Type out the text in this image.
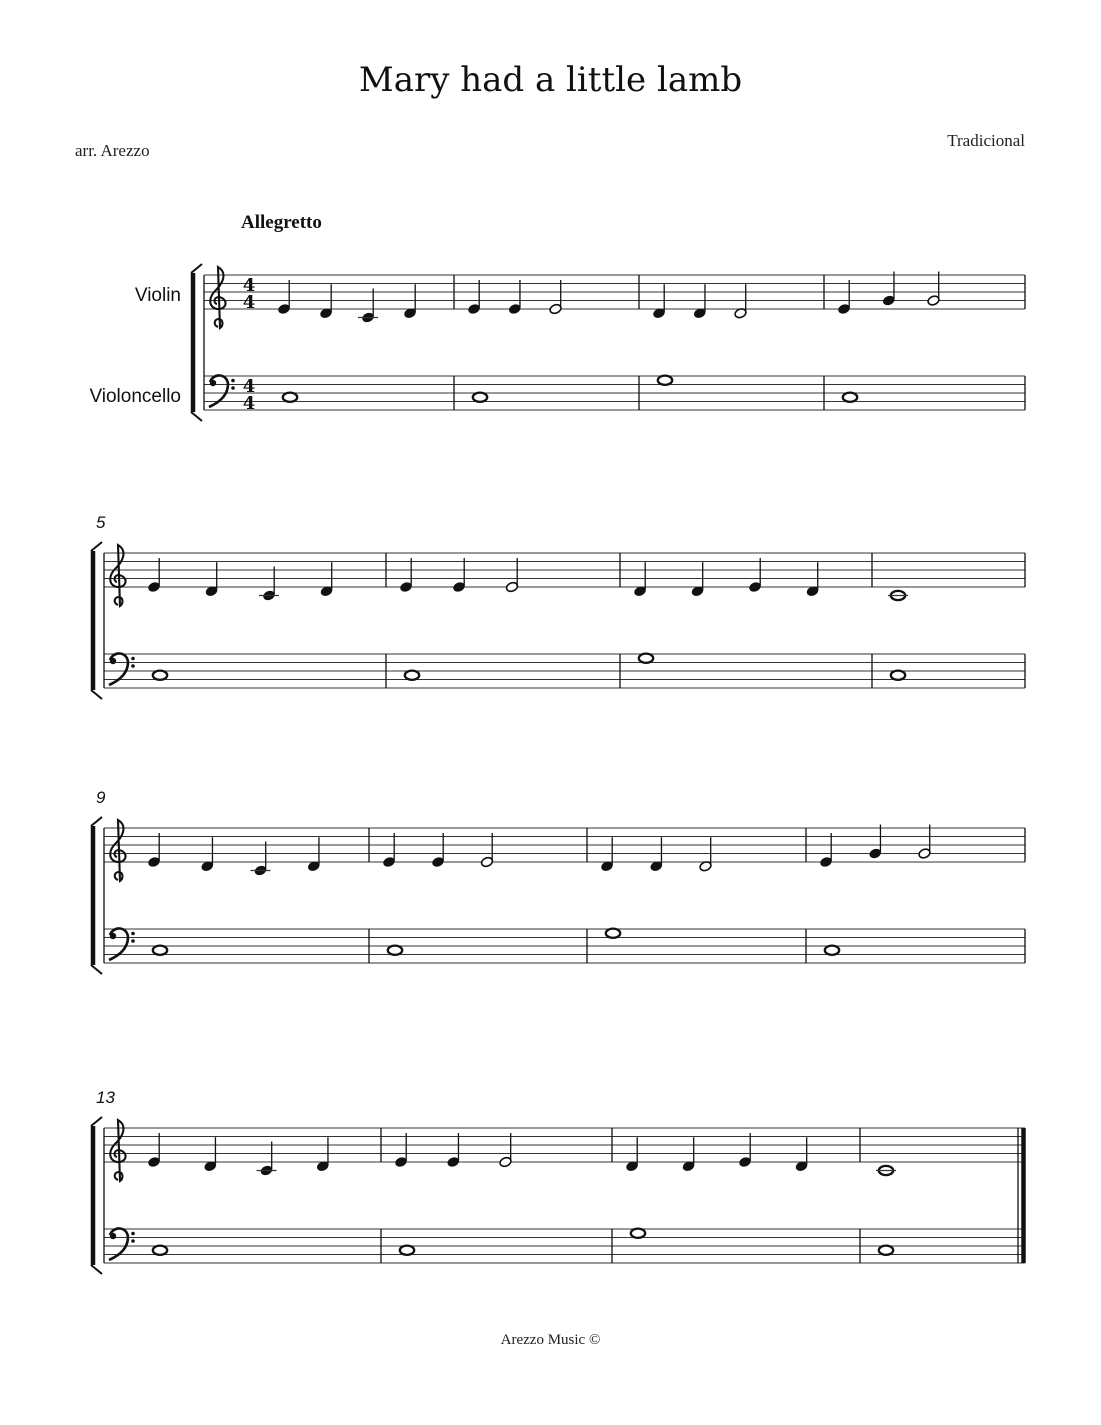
Mary had a little lamb
arr. Arezzo
Tradicional
4
4
4
4
Allegretto
Violin
Violoncello
5
9
13
Arezzo Music ©
